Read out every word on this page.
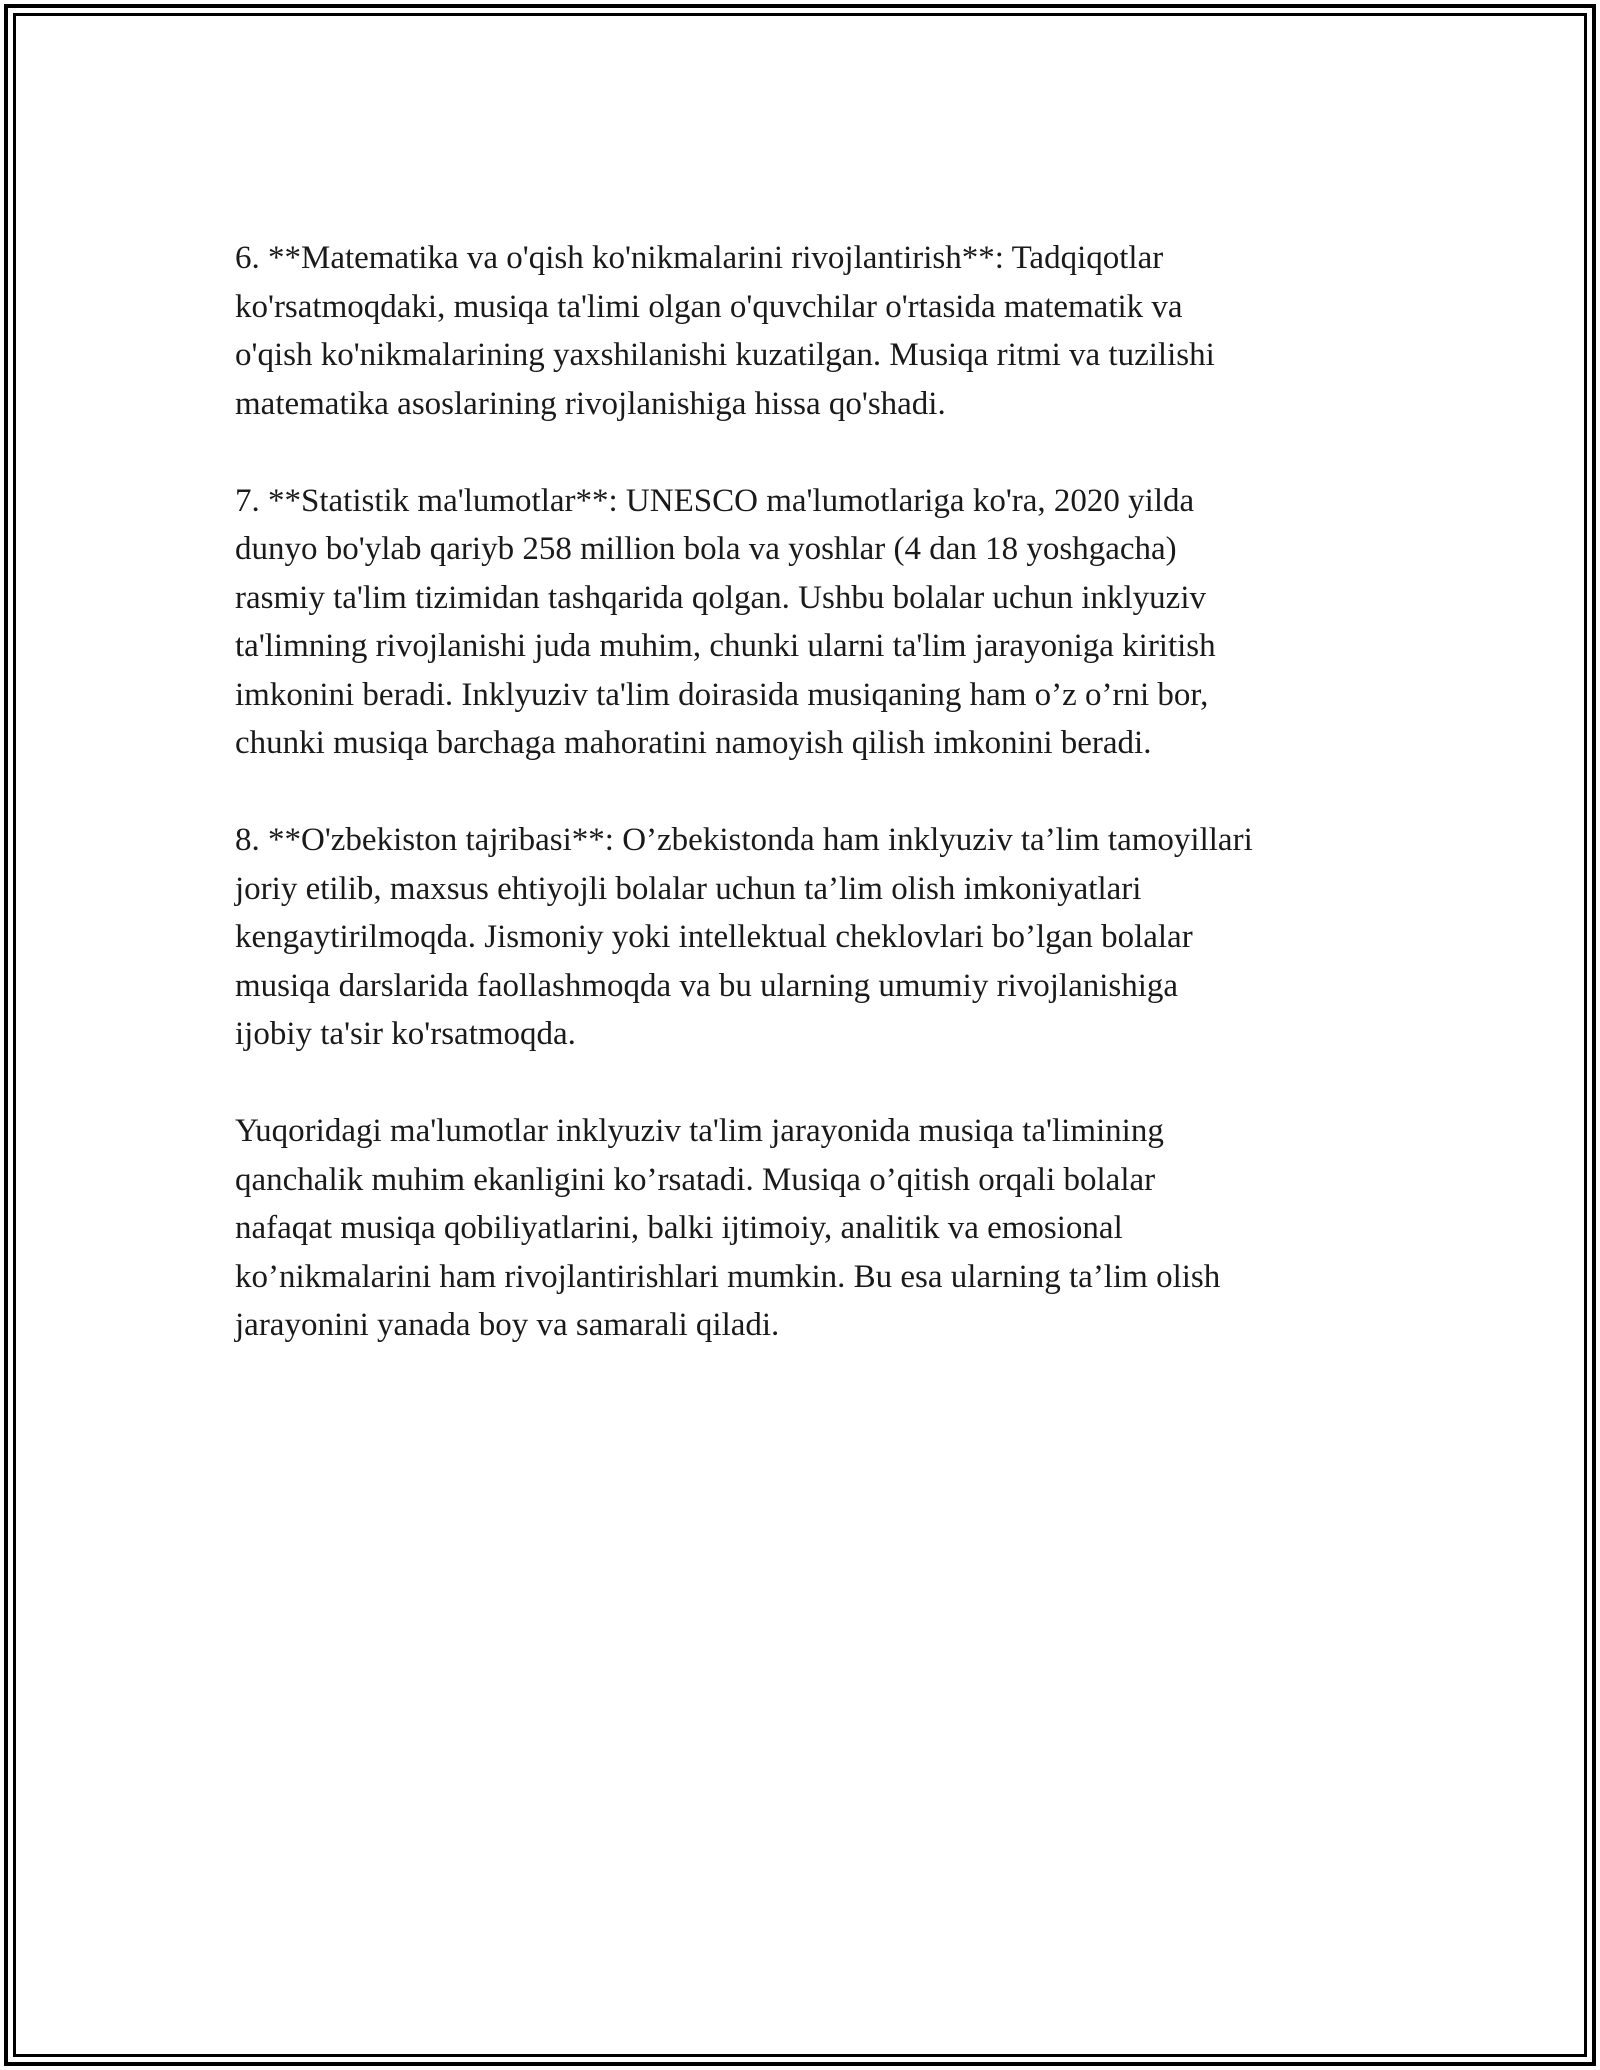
6. **Matematika va o'qish ko'nikmalarini rivojlantirish**: Tadqiqotlar
ko'rsatmoqdaki, musiqa ta'limi olgan o'quvchilar o'rtasida matematik va
o'qish ko'nikmalarining yaxshilanishi kuzatilgan. Musiqa ritmi va tuzilishi
matematika asoslarining rivojlanishiga hissa qo'shadi.

7. **Statistik ma'lumotlar**: UNESCO ma'lumotlariga ko'ra, 2020 yilda
dunyo bo'ylab qariyb 258 million bola va yoshlar (4 dan 18 yoshgacha)
rasmiy ta'lim tizimidan tashqarida qolgan. Ushbu bolalar uchun inklyuziv
ta'limning rivojlanishi juda muhim, chunki ularni ta'lim jarayoniga kiritish
imkonini beradi. Inklyuziv ta'lim doirasida musiqaning ham o’z o’rni bor,
chunki musiqa barchaga mahoratini namoyish qilish imkonini beradi.

8. **O'zbekiston tajribasi**: O’zbekistonda ham inklyuziv ta’lim tamoyillari
joriy etilib, maxsus ehtiyojli bolalar uchun ta’lim olish imkoniyatlari
kengaytirilmoqda. Jismoniy yoki intellektual cheklovlari bo’lgan bolalar
musiqa darslarida faollashmoqda va bu ularning umumiy rivojlanishiga
ijobiy ta'sir ko'rsatmoqda.

Yuqoridagi ma'lumotlar inklyuziv ta'lim jarayonida musiqa ta'limining
qanchalik muhim ekanligini ko’rsatadi. Musiqa o’qitish orqali bolalar
nafaqat musiqa qobiliyatlarini, balki ijtimoiy, analitik va emosional
ko’nikmalarini ham rivojlantirishlari mumkin. Bu esa ularning ta’lim olish
jarayonini yanada boy va samarali qiladi.
